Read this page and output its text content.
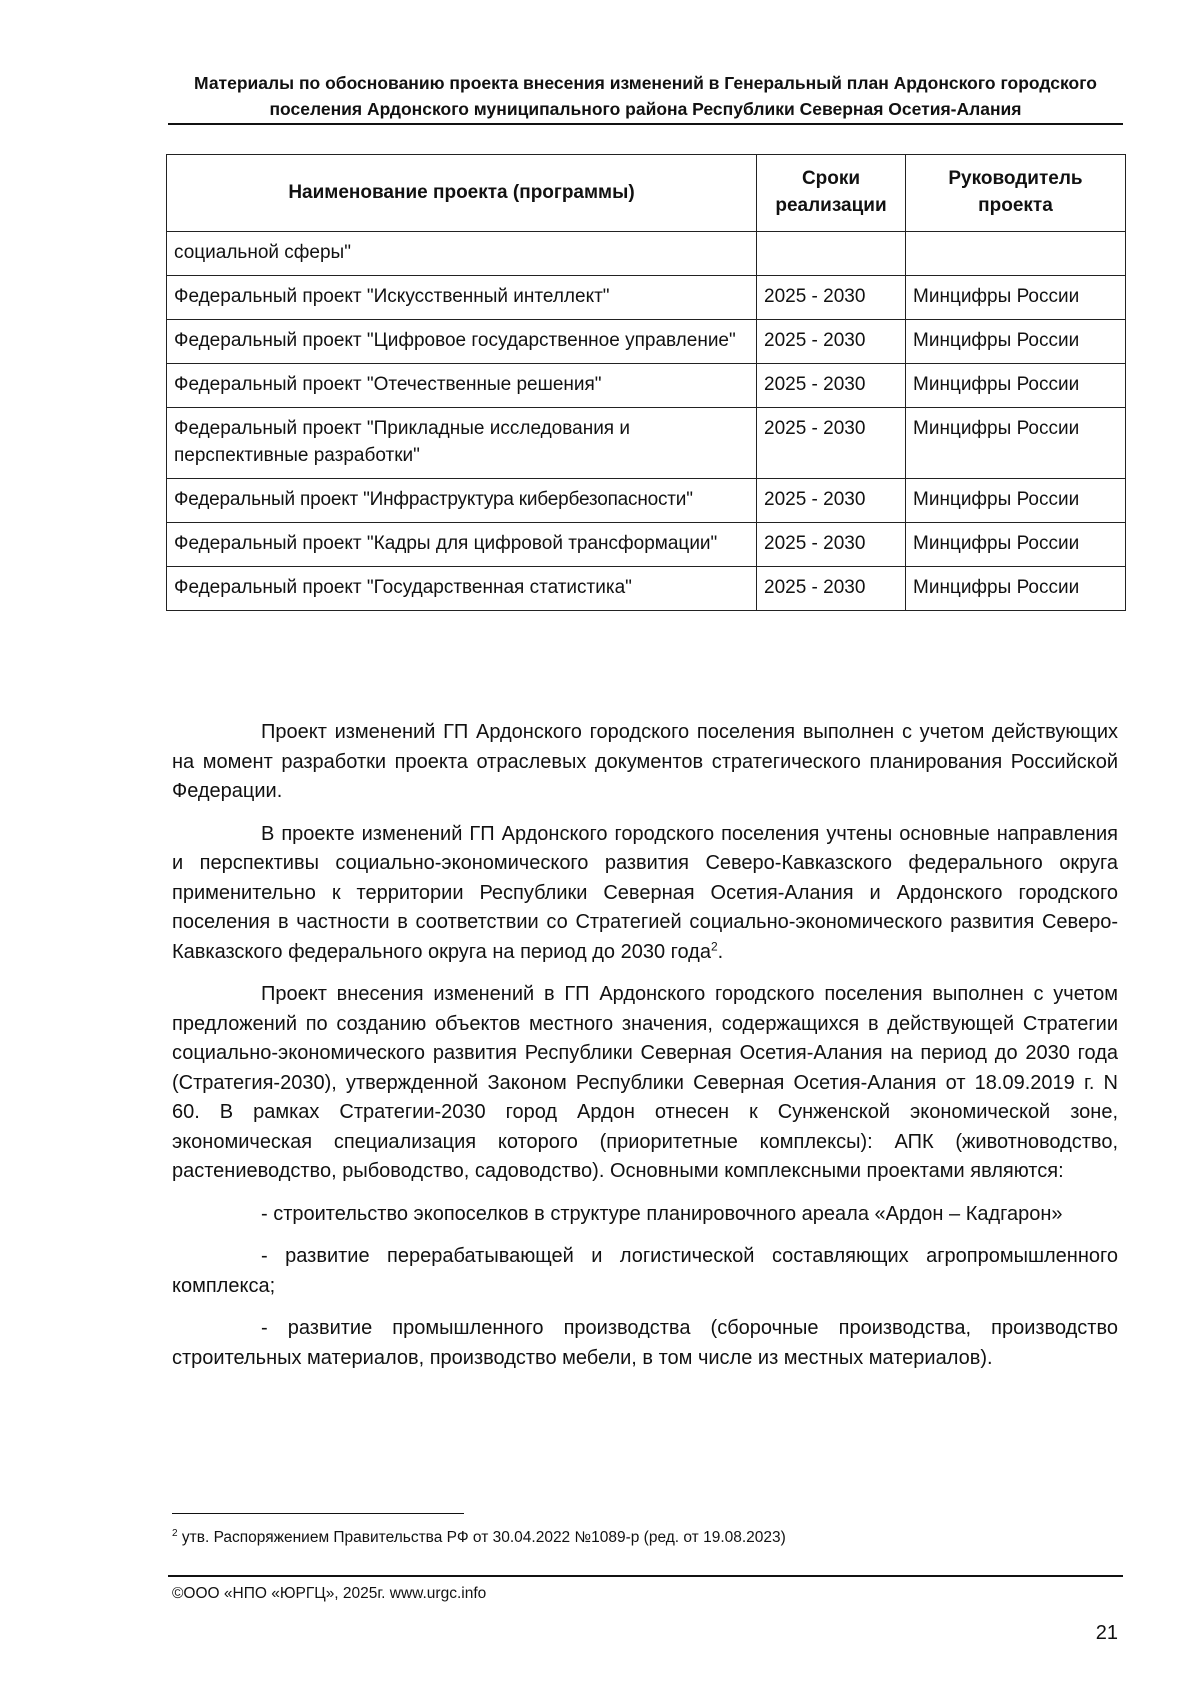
Материалы по обоснованию проекта внесения изменений в Генеральный план Ардонского городского
поселения Ардонского муниципального района Республики Северная Осетия-Алания
Наименование проекта (программы)	Сроки реализации	Руководитель проекта
социальной сферы"		
Федеральный проект "Искусственный интеллект"	2025 - 2030	Минцифры России
Федеральный проект "Цифровое государственное управление"	2025 - 2030	Минцифры России
Федеральный проект "Отечественные решения"	2025 - 2030	Минцифры России
Федеральный проект "Прикладные исследования и перспективные разработки"	2025 - 2030	Минцифры России
Федеральный проект "Инфраструктура кибербезопасности"	2025 - 2030	Минцифры России
Федеральный проект "Кадры для цифровой трансформации"	2025 - 2030	Минцифры России
Федеральный проект "Государственная статистика"	2025 - 2030	Минцифры России

Проект изменений ГП Ардонского городского поселения выполнен с учетом действующих на момент разработки проекта отраслевых документов стратегического планирования Российской Федерации.

В проекте изменений ГП Ардонского городского поселения учтены основные направления и перспективы социально-экономического развития Северо-Кавказского федерального округа применительно к территории Республики Северная Осетия-Алания и Ардонского городского поселения в частности в соответствии со Стратегией социально-экономического развития Северо-Кавказского федерального округа на период до 2030 года$^2$.

Проект внесения изменений в ГП Ардонского городского поселения выполнен с учетом предложений по созданию объектов местного значения, содержащихся в действующей Стратегии социально-экономического развития Республики Северная Осетия-Алания на период до 2030 года (Стратегия-2030), утвержденной Законом Республики Северная Осетия-Алания от 18.09.2019 г. N 60. В рамках Стратегии-2030 город Ардон отнесен к Сунженской экономической зоне, экономическая специализация которого (приоритетные комплексы): АПК (животноводство, растениеводство, рыбоводство, садоводство). Основными комплексными проектами являются:

- строительство экопоселков в структуре планировочного ареала «Ардон – Кадгарон»

- развитие перерабатывающей и логистической составляющих агропромышленного комплекса;

- развитие промышленного производства (сборочные производства, производство строительных материалов, производство мебели, в том числе из местных материалов).

$^2$ утв. Распоряжением Правительства РФ от 30.04.2022 №1089-р (ред. от 19.08.2023)
©ООО «НПО «ЮРГЦ», 2025г. www.urgc.info
21
